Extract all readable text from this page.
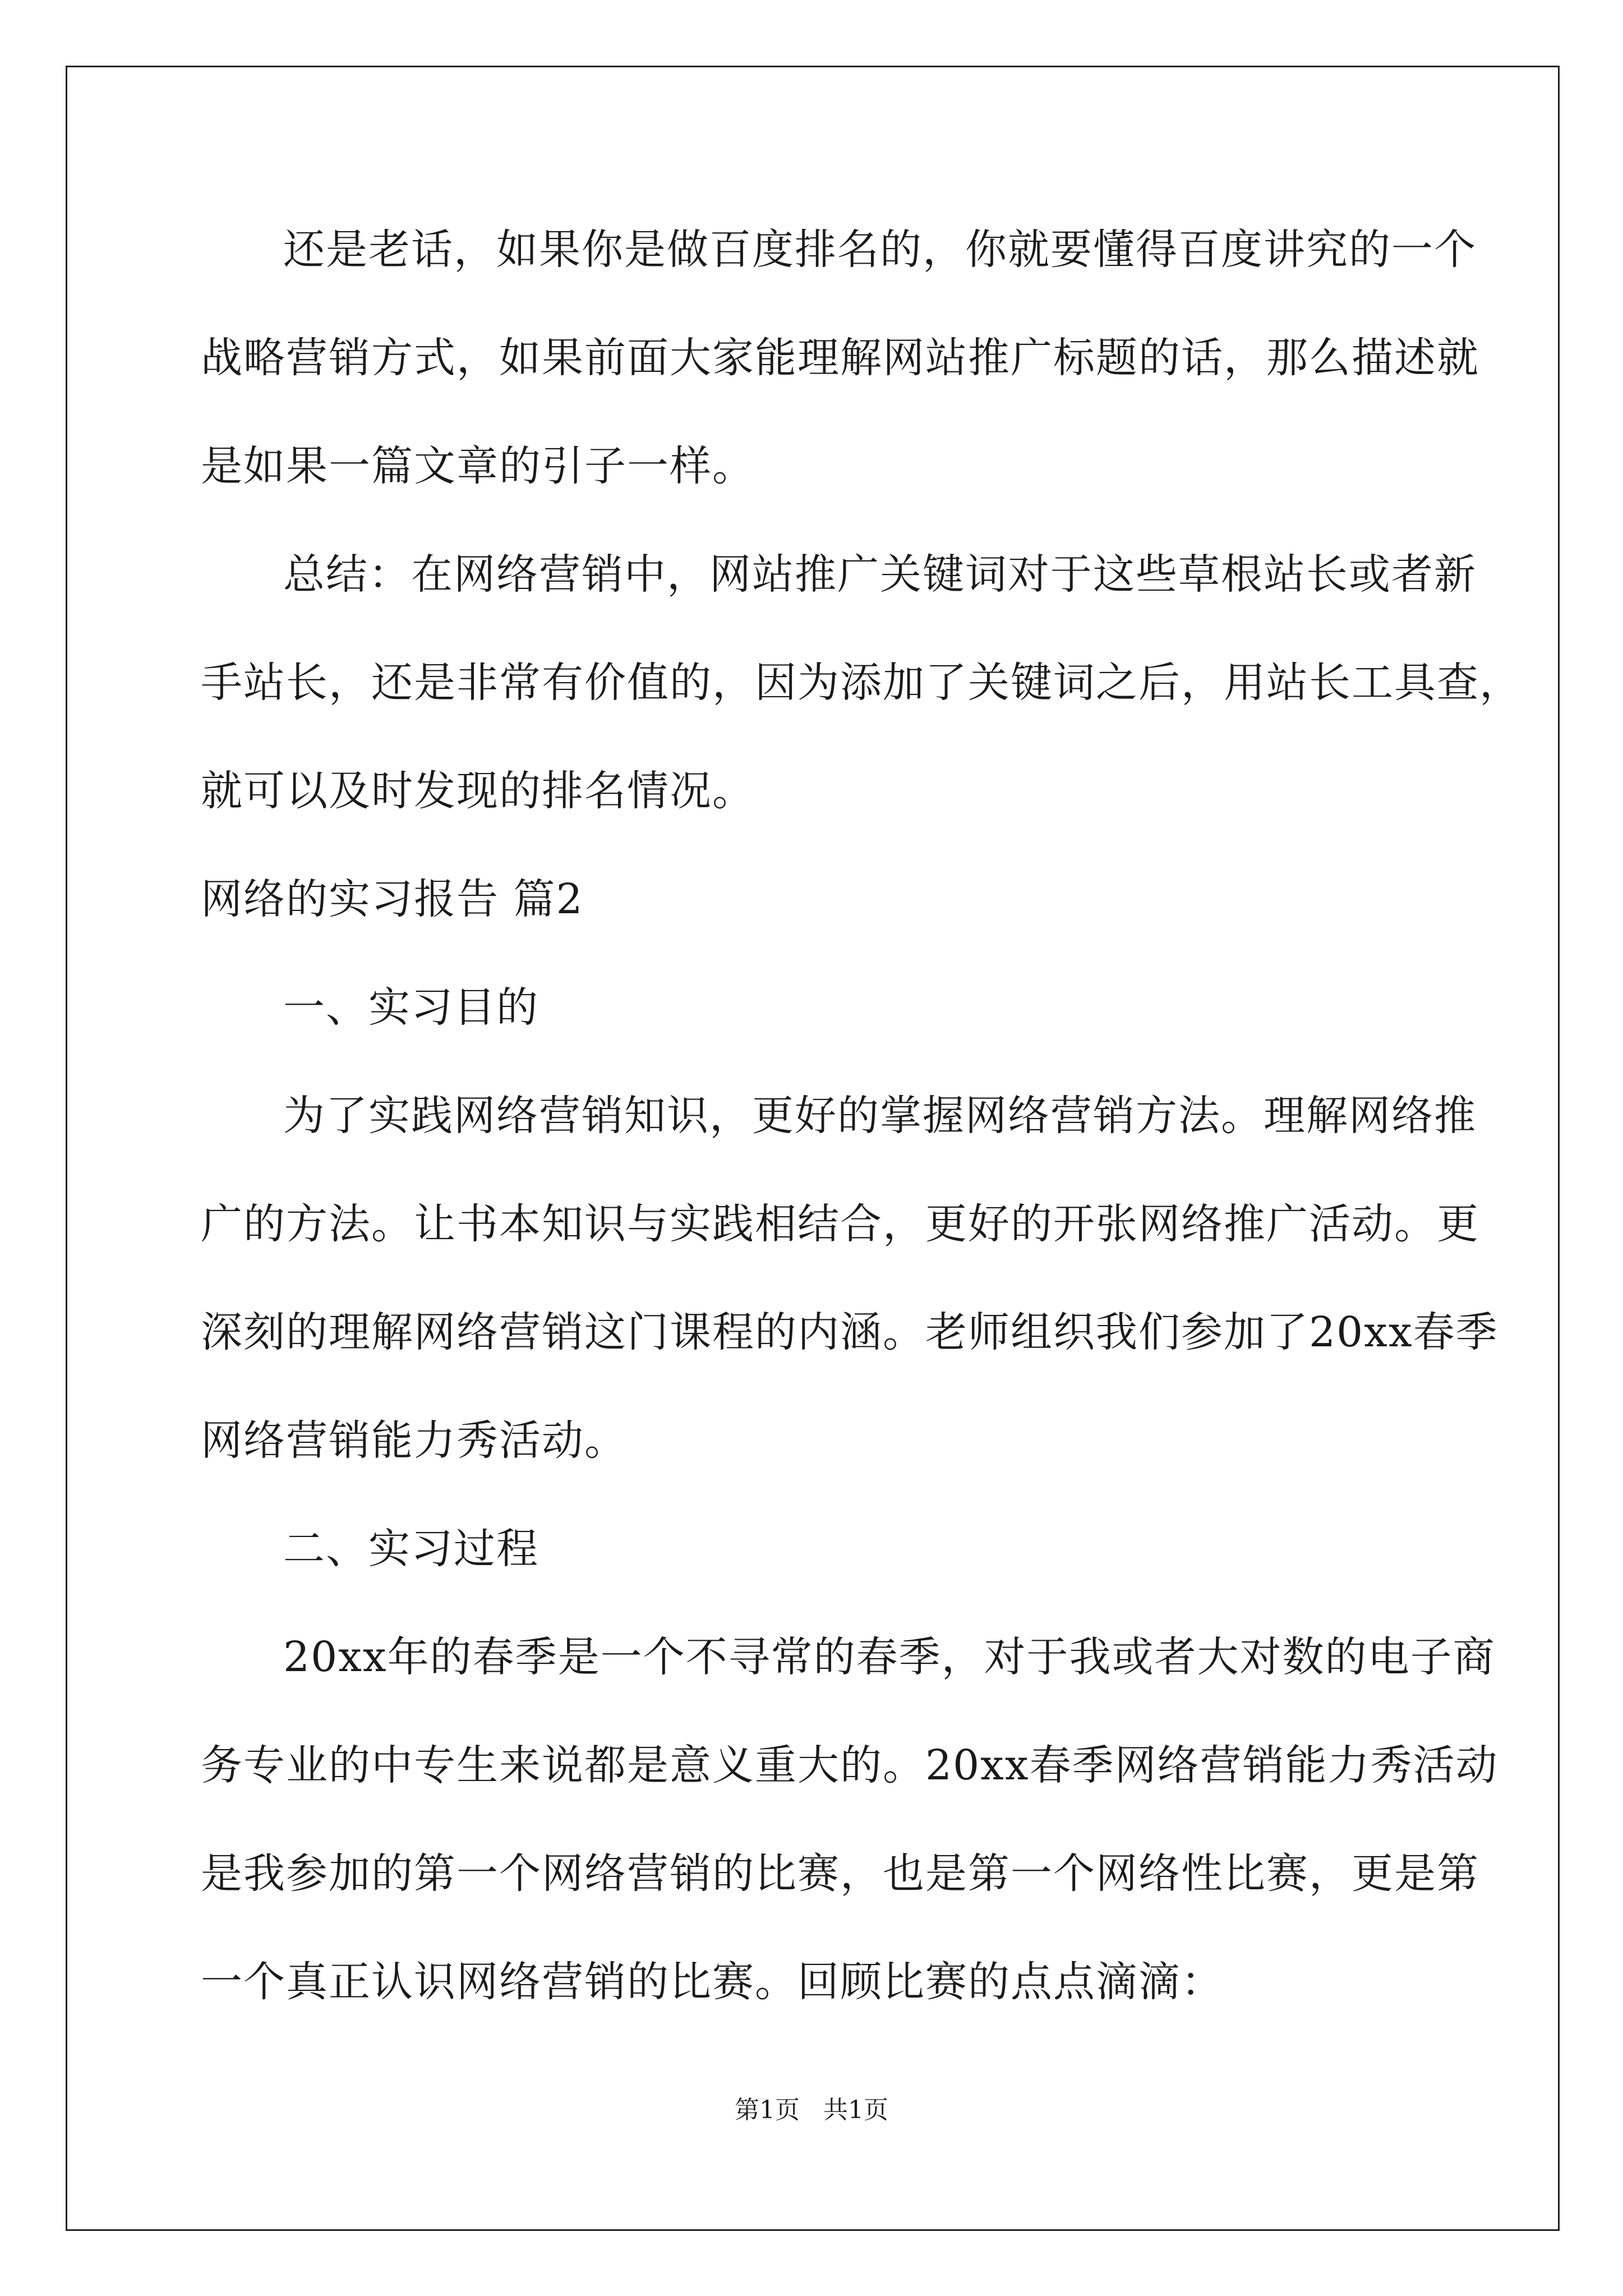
还是老话，如果你是做百度排名的，你就要懂得百度讲究的一个
战略营销方式，如果前面大家能理解网站推广标题的话，那么描述就
是如果一篇文章的引子一样。
总结：在网络营销中，网站推广关键词对于这些草根站长或者新
手站长，还是非常有价值的，因为添加了关键词之后，用站长工具查，
就可以及时发现的排名情况。
网络的实习报告 篇2
一、实习目的
为了实践网络营销知识，更好的掌握网络营销方法。理解网络推
广的方法。让书本知识与实践相结合，更好的开张网络推广活动。更
深刻的理解网络营销这门课程的内涵。老师组织我们参加了20xx春季
网络营销能力秀活动。
二、实习过程
20xx年的春季是一个不寻常的春季，对于我或者大对数的电子商
务专业的中专生来说都是意义重大的。20xx春季网络营销能力秀活动
是我参加的第一个网络营销的比赛，也是第一个网络性比赛，更是第
一个真正认识网络营销的比赛。回顾比赛的点点滴滴：
第1页   共1页
